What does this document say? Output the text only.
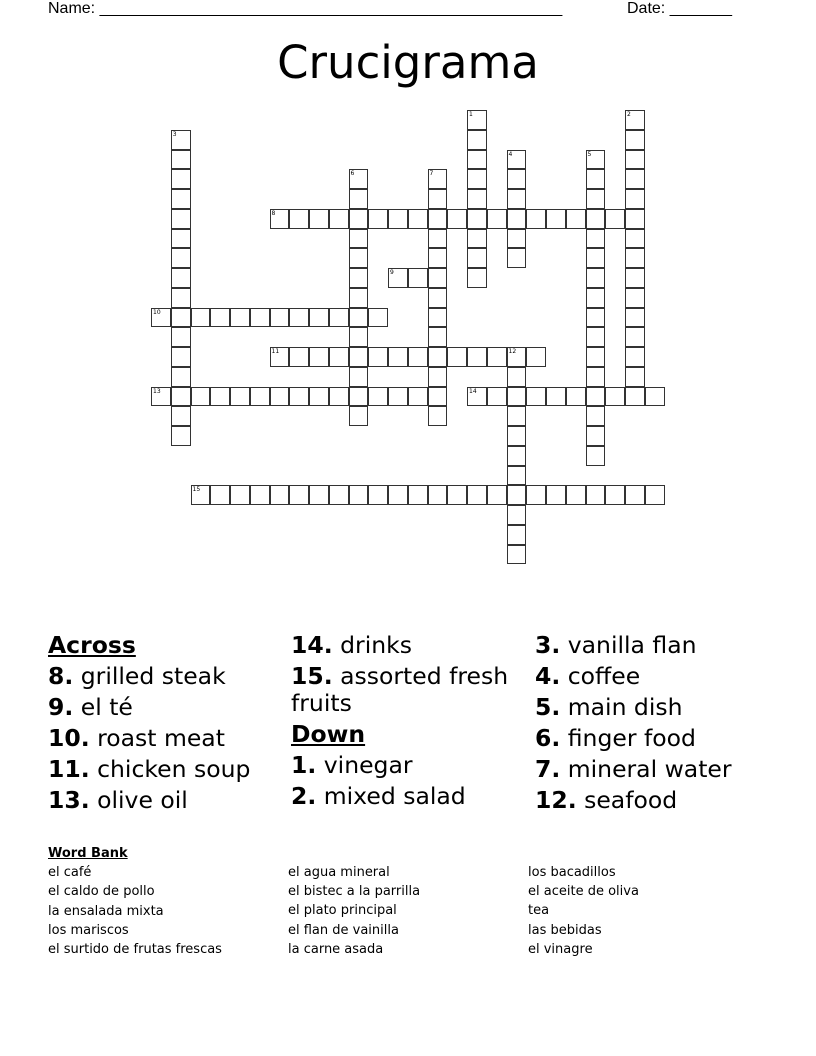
Name: ____________________________________________________	Date: _______
Crucigrama
1	2
3
4	5
6	7
8
9
10
11	12
13	14
15
Across
8. grilled steak
9. el té
10. roast meat
11. chicken soup
13. olive oil
14. drinks
15. assorted fresh fruits
Down
1. vinegar
2. mixed salad
3. vanilla flan
4. coffee
5. main dish
6. finger food
7. mineral water
12. seafood
Word Bank
el café
el caldo de pollo
la ensalada mixta
los mariscos
el surtido de frutas frescas
el agua mineral
el bistec a la parrilla
el plato principal
el flan de vainilla
la carne asada
los bacadillos
el aceite de oliva
tea
las bebidas
el vinagre
